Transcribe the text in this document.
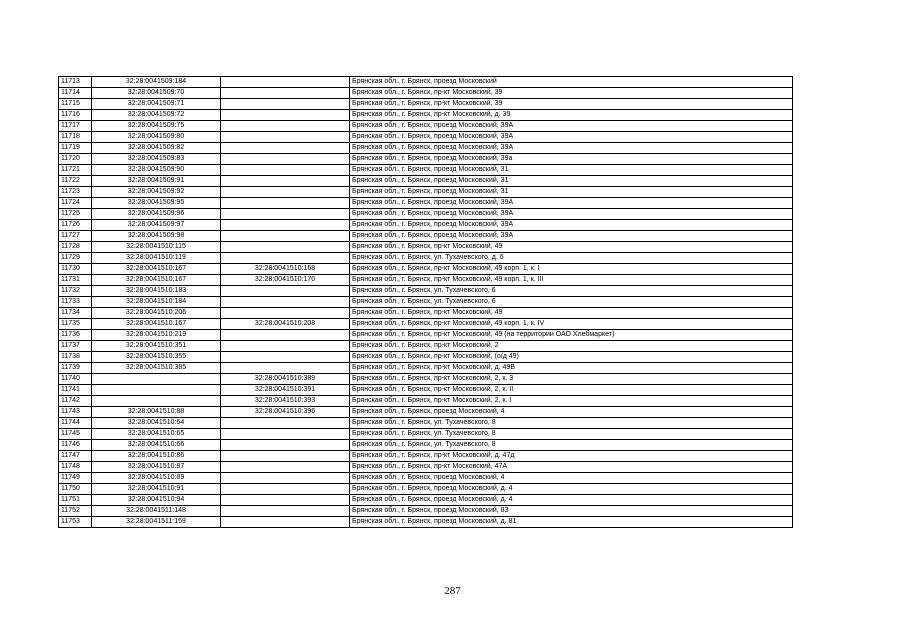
11713	32:28:0041509:184		Брянская обл., г. Брянск, проезд Московский
11714	32:28:0041509:70		Брянская обл., г. Брянск, пр-кт Московский, 39
11715	32:28:0041509:71		Брянская обл., г. Брянск, пр-кт Московский, 39
11716	32:28:0041509:72		Брянская обл., г. Брянск, пр-кт Московский, д. 39
11717	32:28:0041509:75		Брянская обл., г. Брянск, проезд Московский, 39А
11718	32:28:0041509:80		Брянская обл., г. Брянск, проезд Московский, 39А
11719	32:28:0041509:82		Брянская обл., г. Брянск, проезд Московский, 39А
11720	32:28:0041509:83		Брянская обл., г. Брянск, проезд Московский, 39а
11721	32:28:0041509:90		Брянская обл., г. Брянск, проезд Московский, 31
11722	32:28:0041509:91		Брянская обл., г. Брянск, проезд Московский, 31
11723	32:28:0041509:92		Брянская обл., г. Брянск, проезд Московский, 31
11724	32:28:0041509:95		Брянская обл., г. Брянск, проезд Московский, 39А
11725	32:28:0041509:96		Брянская обл., г. Брянск, проезд Московский, 39А
11726	32:28:0041509:97		Брянская обл., г. Брянск, проезд Московский, 39А
11727	32:28:0041509:98		Брянская обл., г. Брянск, проезд Московский, 39А
11728	32:28:0041510:115		Брянская обл., г. Брянск, пр-кт Московский, 49
11729	32:28:0041510:119		Брянская обл., г. Брянск, ул. Тухачевского, д. 6
11730	32:28:0041510:167	32:28:0041510:168	Брянская обл., г. Брянск, пр-кт Московский, 49 корп. 1, к. I
11731	32:28:0041510:167	32:28:0041510:170	Брянская обл., г. Брянск, пр-кт Московский, 49 корп. 1, к. III
11732	32:28:0041510:183		Брянская обл., г. Брянск, ул. Тухачевского, 6
11733	32:28:0041510:184		Брянская обл., г. Брянск, ул. Тухачевского, 6
11734	32:28:0041510:206		Брянская обл., г. Брянск, пр-кт Московский, 49
11735	32:28:0041510:167	32:28:0041510:208	Брянская обл., г. Брянск, пр-кт Московский, 49 корп. 1, к. IV
11736	32:28:0041510:219		Брянская обл., г. Брянск, пр-кт Московский, 49 (на территории ОАО Хлебмаркет)
11737	32:28:0041510:351		Брянская обл., г. Брянск, пр-кт Московский, 2
11738	32:28:0041510:355		Брянская обл., г. Брянск, пр-кт Московский, (о/д 49)
11739	32:28:0041510:385		Брянская обл., г. Брянск, пр-кт Московский, д. 49В
11740		32:28:0041510:389	Брянская обл., г. Брянск, пр-кт Московский, 2, к. 3
11741		32:28:0041510:391	Брянская обл., г. Брянск, пр-кт Московский, 2, к. II
11742		32:28:0041510:393	Брянская обл., г. Брянск, пр-кт Московский, 2, к. I
11743	32:28:0041510:88	32:28:0041510:396	Брянская обл., г. Брянск, проезд Московский, 4
11744	32:28:0041510:64		Брянская обл., г. Брянск, ул. Тухачевского, 8
11745	32:28:0041510:65		Брянская обл., г. Брянск, ул. Тухачевского, 8
11746	32:28:0041510:66		Брянская обл., г. Брянск, ул. Тухачевского, 8
11747	32:28:0041510:86		Брянская обл., г. Брянск, пр-кт Московский, д. 47д
11748	32:28:0041510:87		Брянская обл., г. Брянск, пр-кт Московский, 47А
11749	32:28:0041510:89		Брянская обл., г. Брянск, проезд Московский, 4
11750	32:28:0041510:91		Брянская обл., г. Брянск, проезд Московский, д. 4
11751	32:28:0041510:94		Брянская обл., г. Брянск, проезд Московский, д. 4
11752	32:28:0041511:148		Брянская обл., г. Брянск, проезд Московский, 83
11753	32:28:0041511:159		Брянская обл., г. Брянск, проезд Московский, д. 81
287
